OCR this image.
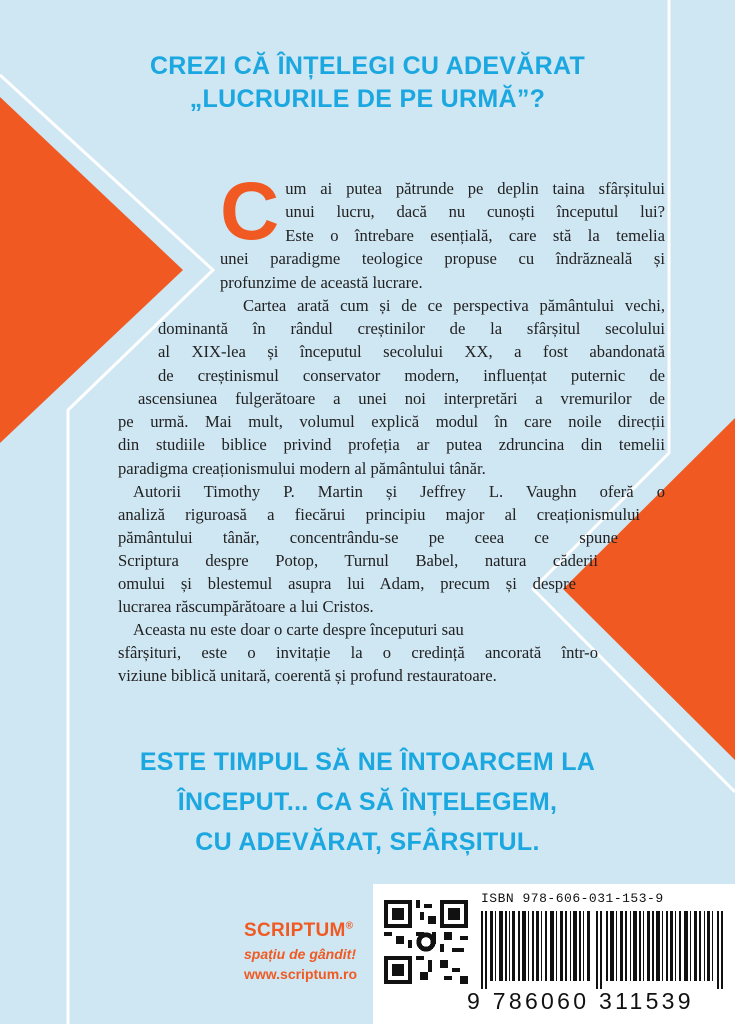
CREZI CĂ ÎNȚELEGI CU ADEVĂRAT
„LUCRURILE DE PE URMĂ”?
C um ai putea pătrunde pe deplin taina sfârșitului
unui lucru, dacă nu cunoști începutul lui?
Este o întrebare esențială, care stă la temelia
unei paradigme teologice propuse cu îndrăzneală și
profunzime de această lucrare.
Cartea arată cum și de ce perspectiva pământului vechi,
dominantă în rândul creștinilor de la sfârșitul secolului
al XIX-lea și începutul secolului XX, a fost abandonată
de creștinismul conservator modern, influențat puternic de
ascensiunea fulgerătoare a unei noi interpretări a vremurilor de
pe urmă. Mai mult, volumul explică modul în care noile direcții
din studiile biblice privind profeția ar putea zdruncina din temelii
paradigma creaționismului modern al pământului tânăr.
Autorii Timothy P. Martin și Jeffrey L. Vaughn oferă o
analiză riguroasă a fiecărui principiu major al creaționismului
pământului tânăr, concentrându-se pe ceea ce spune
Scriptura despre Potop, Turnul Babel, natura căderii
omului și blestemul asupra lui Adam, precum și despre
lucrarea răscumpărătoare a lui Cristos.
Aceasta nu este doar o carte despre începuturi sau
sfârșituri, este o invitație la o credință ancorată într-o
viziune biblică unitară, coerentă și profund restauratoare.
ESTE TIMPUL SĂ NE ÎNTOARCEM LA
ÎNCEPUT... CA SĂ ÎNȚELEGEM,
CU ADEVĂRAT, SFÂRȘITUL.
SCRIPTUM®
spațiu de gândit!
www.scriptum.ro
ISBN 978-606-031-153-9
9 786060 311539
